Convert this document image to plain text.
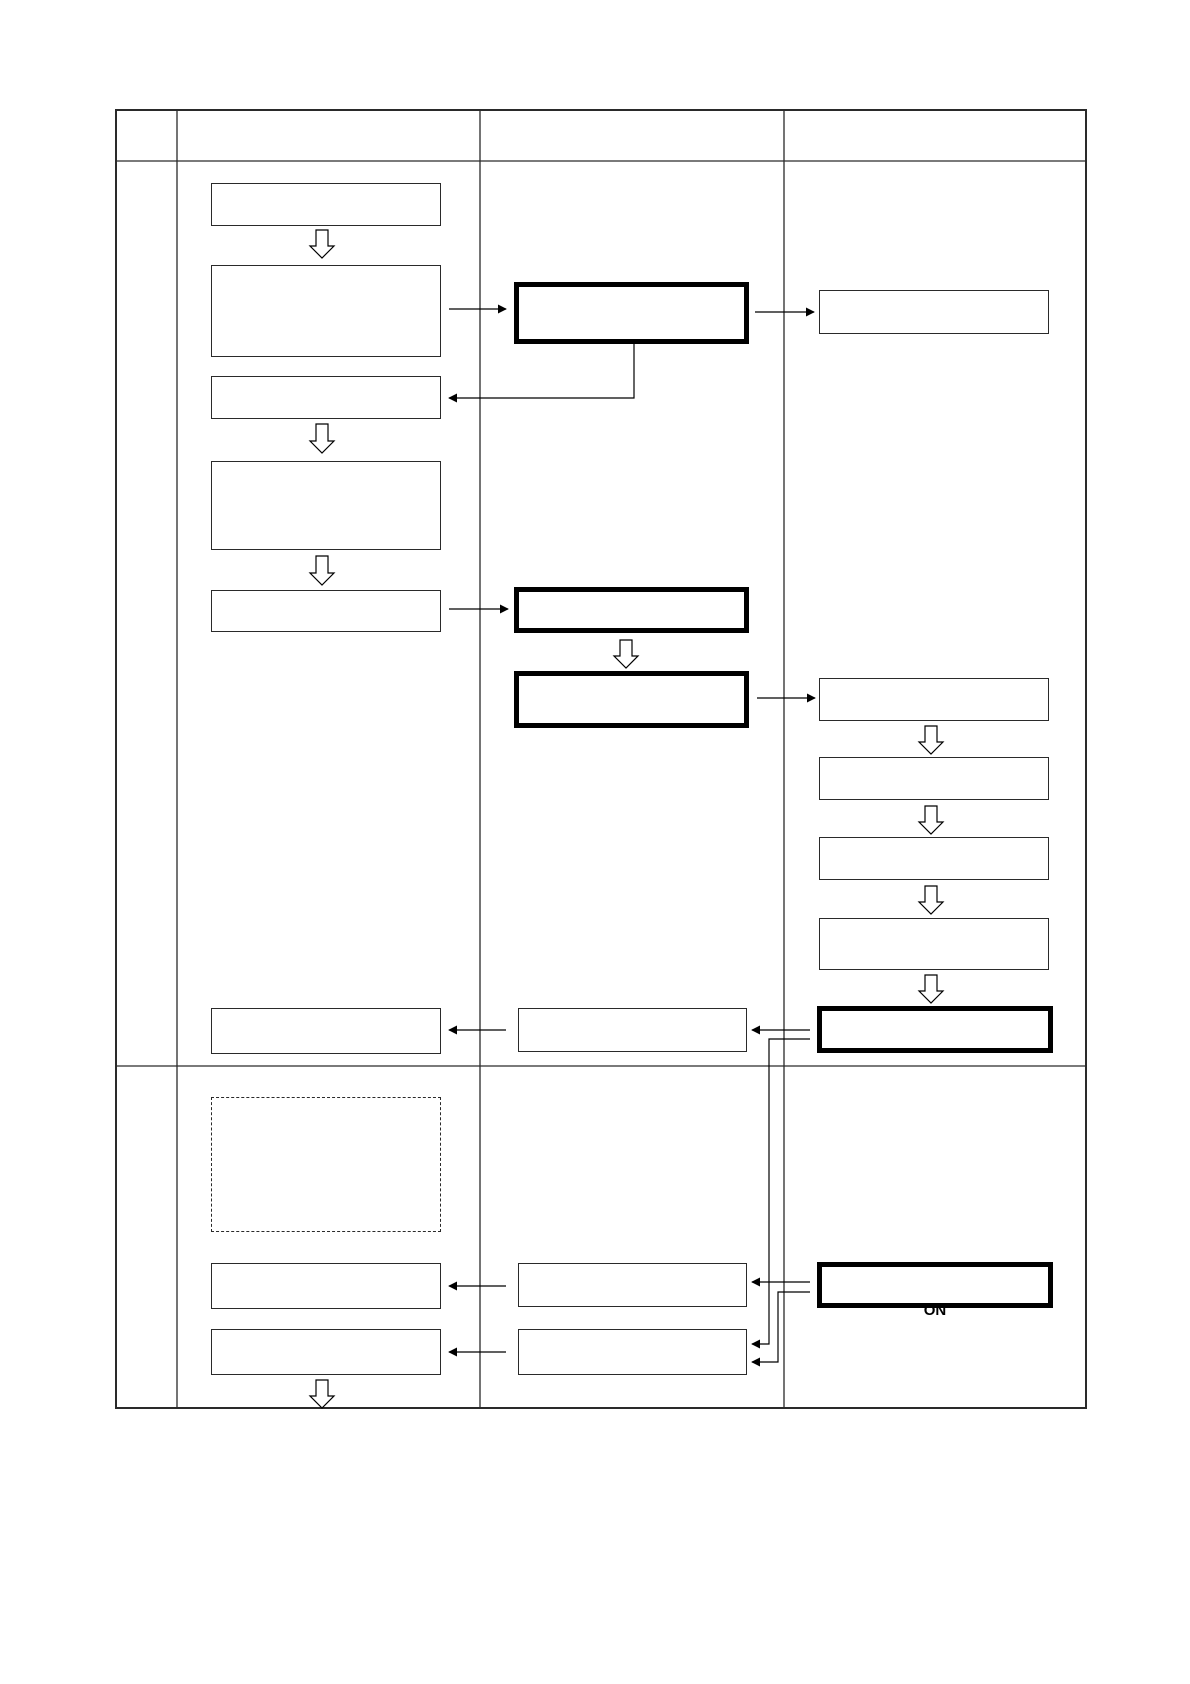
ON
